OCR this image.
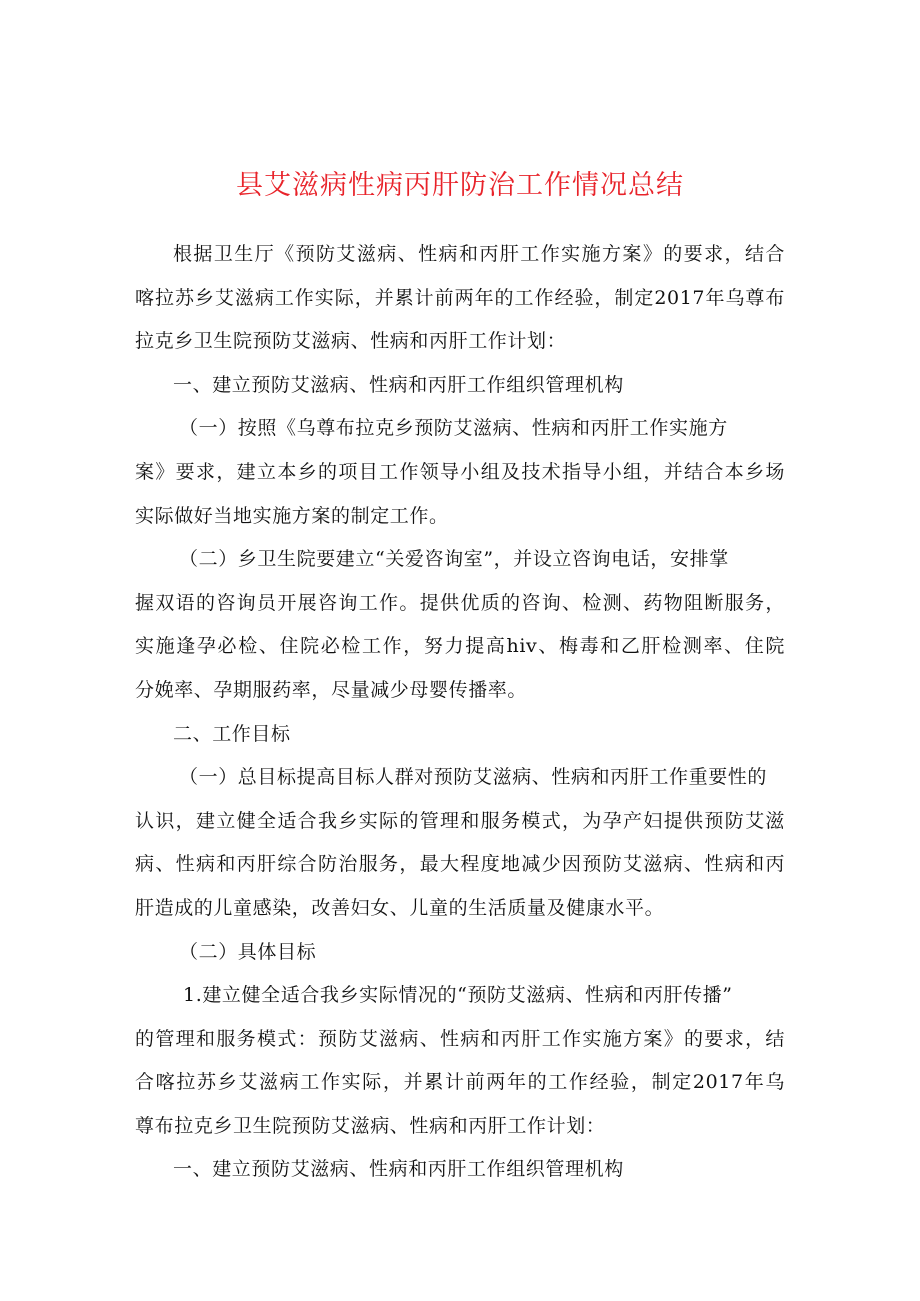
县艾滋病性病丙肝防治工作情况总结
根据卫生厅《预防艾滋病、性病和丙肝工作实施方案》的要求，结合
喀拉苏乡艾滋病工作实际，并累计前两年的工作经验，制定2017年乌尊布
拉克乡卫生院预防艾滋病、性病和丙肝工作计划：
一、建立预防艾滋病、性病和丙肝工作组织管理机构
（一）按照《乌尊布拉克乡预防艾滋病、性病和丙肝工作实施方
案》要求，建立本乡的项目工作领导小组及技术指导小组，并结合本乡场
实际做好当地实施方案的制定工作。
（二）乡卫生院要建立“关爱咨询室”，并设立咨询电话，安排掌
握双语的咨询员开展咨询工作。提供优质的咨询、检测、药物阻断服务，
实施逢孕必检、住院必检工作，努力提高hiv、梅毒和乙肝检测率、住院
分娩率、孕期服药率，尽量减少母婴传播率。
二、工作目标
（一）总目标提高目标人群对预防艾滋病、性病和丙肝工作重要性的
认识，建立健全适合我乡实际的管理和服务模式，为孕产妇提供预防艾滋
病、性病和丙肝综合防治服务，最大程度地减少因预防艾滋病、性病和丙
肝造成的儿童感染，改善妇女、儿童的生活质量及健康水平。
（二）具体目标
1.建立健全适合我乡实际情况的“预防艾滋病、性病和丙肝传播”
的管理和服务模式：预防艾滋病、性病和丙肝工作实施方案》的要求，结
合喀拉苏乡艾滋病工作实际，并累计前两年的工作经验，制定2017年乌
尊布拉克乡卫生院预防艾滋病、性病和丙肝工作计划：
一、建立预防艾滋病、性病和丙肝工作组织管理机构
